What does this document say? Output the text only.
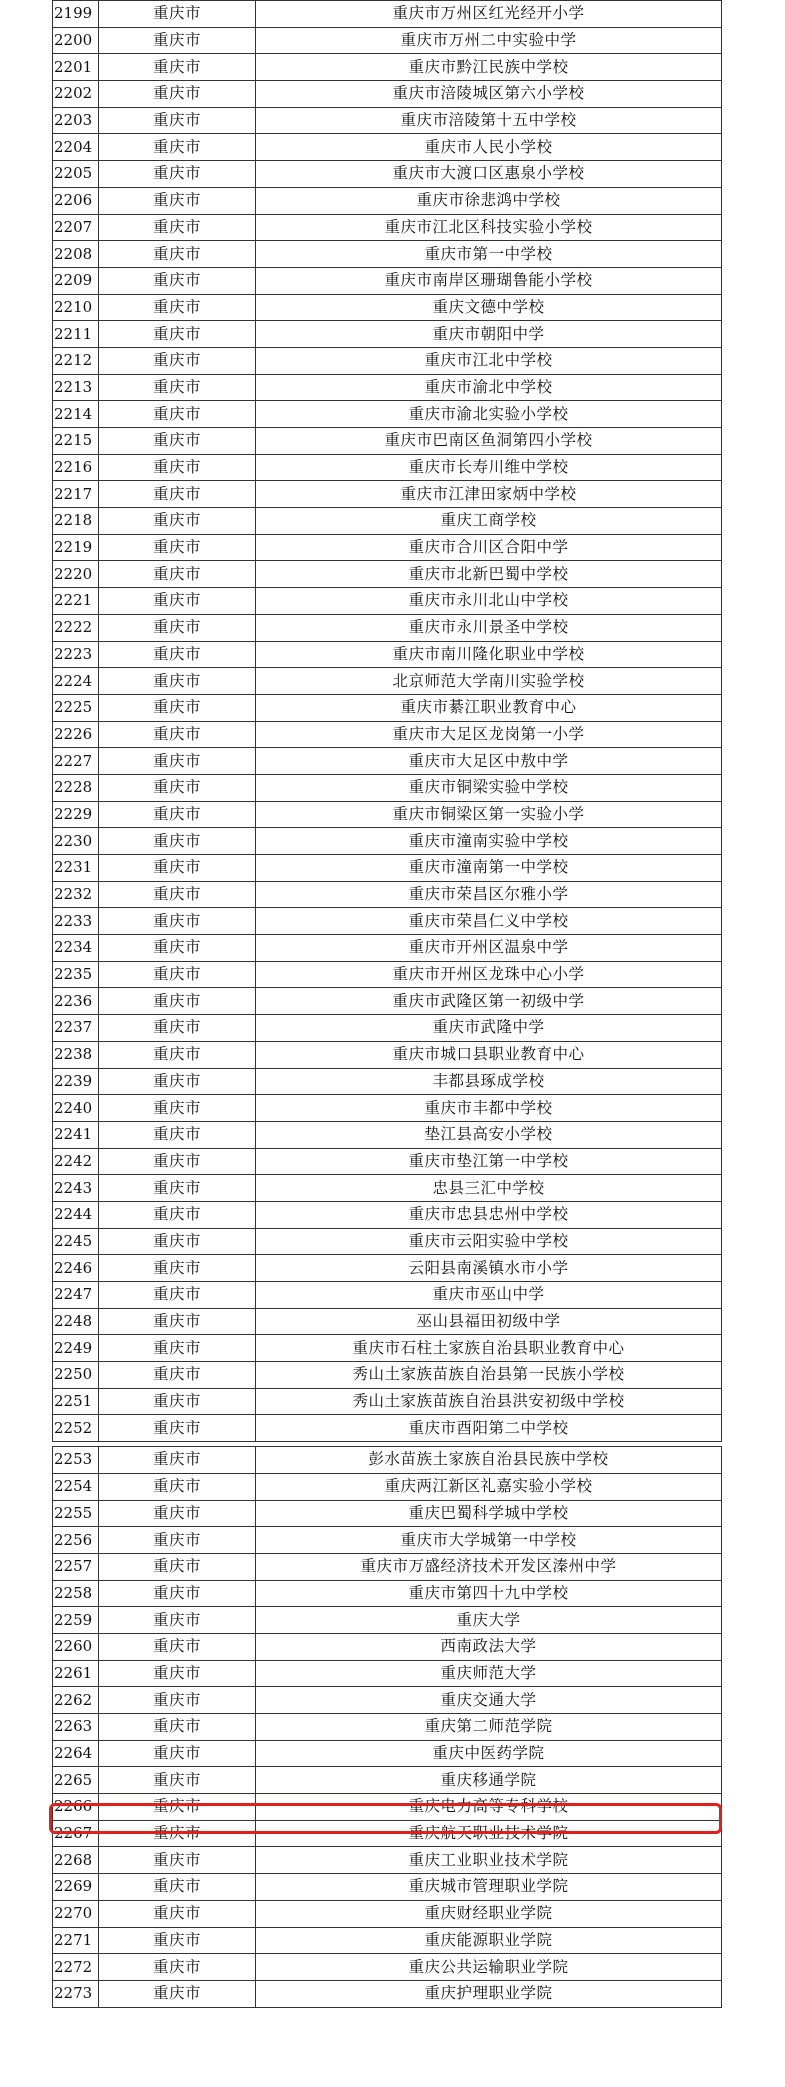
2199	重庆市	重庆市万州区红光经开小学
2200	重庆市	重庆市万州二中实验中学
2201	重庆市	重庆市黔江民族中学校
2202	重庆市	重庆市涪陵城区第六小学校
2203	重庆市	重庆市涪陵第十五中学校
2204	重庆市	重庆市人民小学校
2205	重庆市	重庆市大渡口区惠泉小学校
2206	重庆市	重庆市徐悲鸿中学校
2207	重庆市	重庆市江北区科技实验小学校
2208	重庆市	重庆市第一中学校
2209	重庆市	重庆市南岸区珊瑚鲁能小学校
2210	重庆市	重庆文德中学校
2211	重庆市	重庆市朝阳中学
2212	重庆市	重庆市江北中学校
2213	重庆市	重庆市渝北中学校
2214	重庆市	重庆市渝北实验小学校
2215	重庆市	重庆市巴南区鱼洞第四小学校
2216	重庆市	重庆市长寿川维中学校
2217	重庆市	重庆市江津田家炳中学校
2218	重庆市	重庆工商学校
2219	重庆市	重庆市合川区合阳中学
2220	重庆市	重庆市北新巴蜀中学校
2221	重庆市	重庆市永川北山中学校
2222	重庆市	重庆市永川景圣中学校
2223	重庆市	重庆市南川隆化职业中学校
2224	重庆市	北京师范大学南川实验学校
2225	重庆市	重庆市綦江职业教育中心
2226	重庆市	重庆市大足区龙岗第一小学
2227	重庆市	重庆市大足区中敖中学
2228	重庆市	重庆市铜梁实验中学校
2229	重庆市	重庆市铜梁区第一实验小学
2230	重庆市	重庆市潼南实验中学校
2231	重庆市	重庆市潼南第一中学校
2232	重庆市	重庆市荣昌区尔雅小学
2233	重庆市	重庆市荣昌仁义中学校
2234	重庆市	重庆市开州区温泉中学
2235	重庆市	重庆市开州区龙珠中心小学
2236	重庆市	重庆市武隆区第一初级中学
2237	重庆市	重庆市武隆中学
2238	重庆市	重庆市城口县职业教育中心
2239	重庆市	丰都县琢成学校
2240	重庆市	重庆市丰都中学校
2241	重庆市	垫江县高安小学校
2242	重庆市	重庆市垫江第一中学校
2243	重庆市	忠县三汇中学校
2244	重庆市	重庆市忠县忠州中学校
2245	重庆市	重庆市云阳实验中学校
2246	重庆市	云阳县南溪镇水市小学
2247	重庆市	重庆市巫山中学
2248	重庆市	巫山县福田初级中学
2249	重庆市	重庆市石柱土家族自治县职业教育中心
2250	重庆市	秀山土家族苗族自治县第一民族小学校
2251	重庆市	秀山土家族苗族自治县洪安初级中学校
2252	重庆市	重庆市酉阳第二中学校
2253	重庆市	彭水苗族土家族自治县民族中学校
2254	重庆市	重庆两江新区礼嘉实验小学校
2255	重庆市	重庆巴蜀科学城中学校
2256	重庆市	重庆市大学城第一中学校
2257	重庆市	重庆市万盛经济技术开发区溱州中学
2258	重庆市	重庆市第四十九中学校
2259	重庆市	重庆大学
2260	重庆市	西南政法大学
2261	重庆市	重庆师范大学
2262	重庆市	重庆交通大学
2263	重庆市	重庆第二师范学院
2264	重庆市	重庆中医药学院
2265	重庆市	重庆移通学院
2266	重庆市	重庆电力高等专科学校
2267	重庆市	重庆航天职业技术学院
2268	重庆市	重庆工业职业技术学院
2269	重庆市	重庆城市管理职业学院
2270	重庆市	重庆财经职业学院
2271	重庆市	重庆能源职业学院
2272	重庆市	重庆公共运输职业学院
2273	重庆市	重庆护理职业学院
